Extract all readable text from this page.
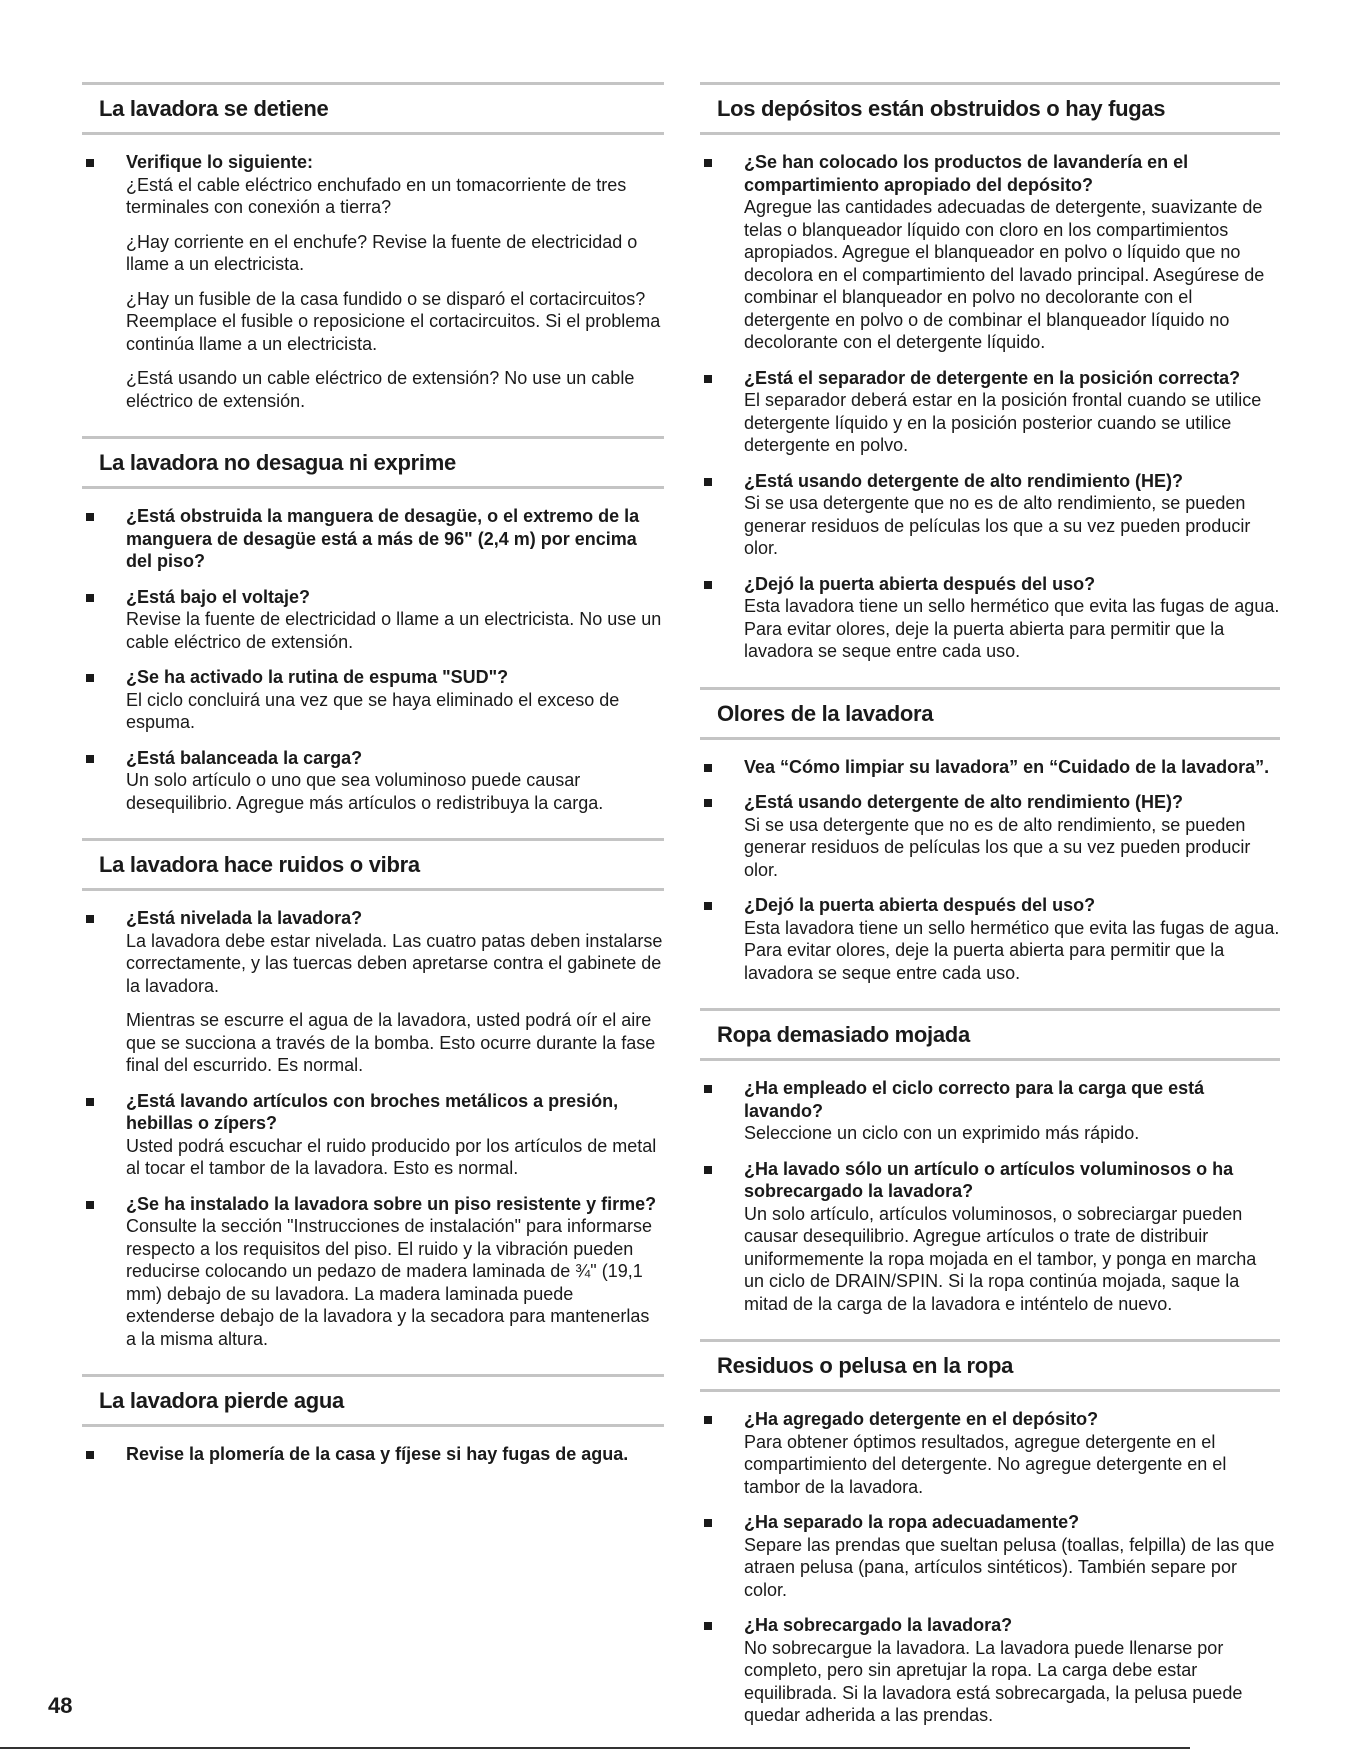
La lavadora se detiene
Verifique lo siguiente:
¿Está el cable eléctrico enchufado en un tomacorriente de tres terminales con conexión a tierra?
¿Hay corriente en el enchufe? Revise la fuente de electricidad o llame a un electricista.
¿Hay un fusible de la casa fundido o se disparó el cortacircuitos? Reemplace el fusible o reposicione el cortacircuitos. Si el problema continúa llame a un electricista.
¿Está usando un cable eléctrico de extensión? No use un cable eléctrico de extensión.
La lavadora no desagua ni exprime
¿Está obstruida la manguera de desagüe, o el extremo de la manguera de desagüe está a más de 96" (2,4 m) por encima del piso?
¿Está bajo el voltaje?
Revise la fuente de electricidad o llame a un electricista. No use un cable eléctrico de extensión.
¿Se ha activado la rutina de espuma "SUD"?
El ciclo concluirá una vez que se haya eliminado el exceso de espuma.
¿Está balanceada la carga?
Un solo artículo o uno que sea voluminoso puede causar desequilibrio. Agregue más artículos o redistribuya la carga.
La lavadora hace ruidos o vibra
¿Está nivelada la lavadora?
La lavadora debe estar nivelada. Las cuatro patas deben instalarse correctamente, y las tuercas deben apretarse contra el gabinete de la lavadora.
Mientras se escurre el agua de la lavadora, usted podrá oír el aire que se succiona a través de la bomba. Esto ocurre durante la fase final del escurrido. Es normal.
¿Está lavando artículos con broches metálicos a presión, hebillas o zípers?
Usted podrá escuchar el ruido producido por los artículos de metal al tocar el tambor de la lavadora. Esto es normal.
¿Se ha instalado la lavadora sobre un piso resistente y firme?
Consulte la sección "Instrucciones de instalación" para informarse respecto a los requisitos del piso. El ruido y la vibración pueden reducirse colocando un pedazo de madera laminada de ¾" (19,1 mm) debajo de su lavadora. La madera laminada puede extenderse debajo de la lavadora y la secadora para mantenerlas a la misma altura.
La lavadora pierde agua
Revise la plomería de la casa y fíjese si hay fugas de agua.
Los depósitos están obstruidos o hay fugas
¿Se han colocado los productos de lavandería en el compartimiento apropiado del depósito?
Agregue las cantidades adecuadas de detergente, suavizante de telas o blanqueador líquido con cloro en los compartimientos apropiados. Agregue el blanqueador en polvo o líquido que no decolora en el compartimiento del lavado principal. Asegúrese de combinar el blanqueador en polvo no decolorante con el detergente en polvo o de combinar el blanqueador líquido no decolorante con el detergente líquido.
¿Está el separador de detergente en la posición correcta?
El separador deberá estar en la posición frontal cuando se utilice detergente líquido y en la posición posterior cuando se utilice detergente en polvo.
¿Está usando detergente de alto rendimiento (HE)?
Si se usa detergente que no es de alto rendimiento, se pueden generar residuos de películas los que a su vez pueden producir olor.
¿Dejó la puerta abierta después del uso?
Esta lavadora tiene un sello hermético que evita las fugas de agua. Para evitar olores, deje la puerta abierta para permitir que la lavadora se seque entre cada uso.
Olores de la lavadora
Vea “Cómo limpiar su lavadora” en “Cuidado de la lavadora”.
¿Está usando detergente de alto rendimiento (HE)?
Si se usa detergente que no es de alto rendimiento, se pueden generar residuos de películas los que a su vez pueden producir olor.
¿Dejó la puerta abierta después del uso?
Esta lavadora tiene un sello hermético que evita las fugas de agua. Para evitar olores, deje la puerta abierta para permitir que la lavadora se seque entre cada uso.
Ropa demasiado mojada
¿Ha empleado el ciclo correcto para la carga que está lavando?
Seleccione un ciclo con un exprimido más rápido.
¿Ha lavado sólo un artículo o artículos voluminosos o ha sobrecargado la lavadora?
Un solo artículo, artículos voluminosos, o sobreciargar pueden causar desequilibrio. Agregue artículos o trate de distribuir uniformemente la ropa mojada en el tambor, y ponga en marcha un ciclo de DRAIN/SPIN. Si la ropa continúa mojada, saque la mitad de la carga de la lavadora e inténtelo de nuevo.
Residuos o pelusa en la ropa
¿Ha agregado detergente en el depósito?
Para obtener óptimos resultados, agregue detergente en el compartimiento del detergente. No agregue detergente en el tambor de la lavadora.
¿Ha separado la ropa adecuadamente?
Separe las prendas que sueltan pelusa (toallas, felpilla) de las que atraen pelusa (pana, artículos sintéticos). También separe por color.
¿Ha sobrecargado la lavadora?
No sobrecargue la lavadora. La lavadora puede llenarse por completo, pero sin apretujar la ropa. La carga debe estar equilibrada. Si la lavadora está sobrecargada, la pelusa puede quedar adherida a las prendas.
48
